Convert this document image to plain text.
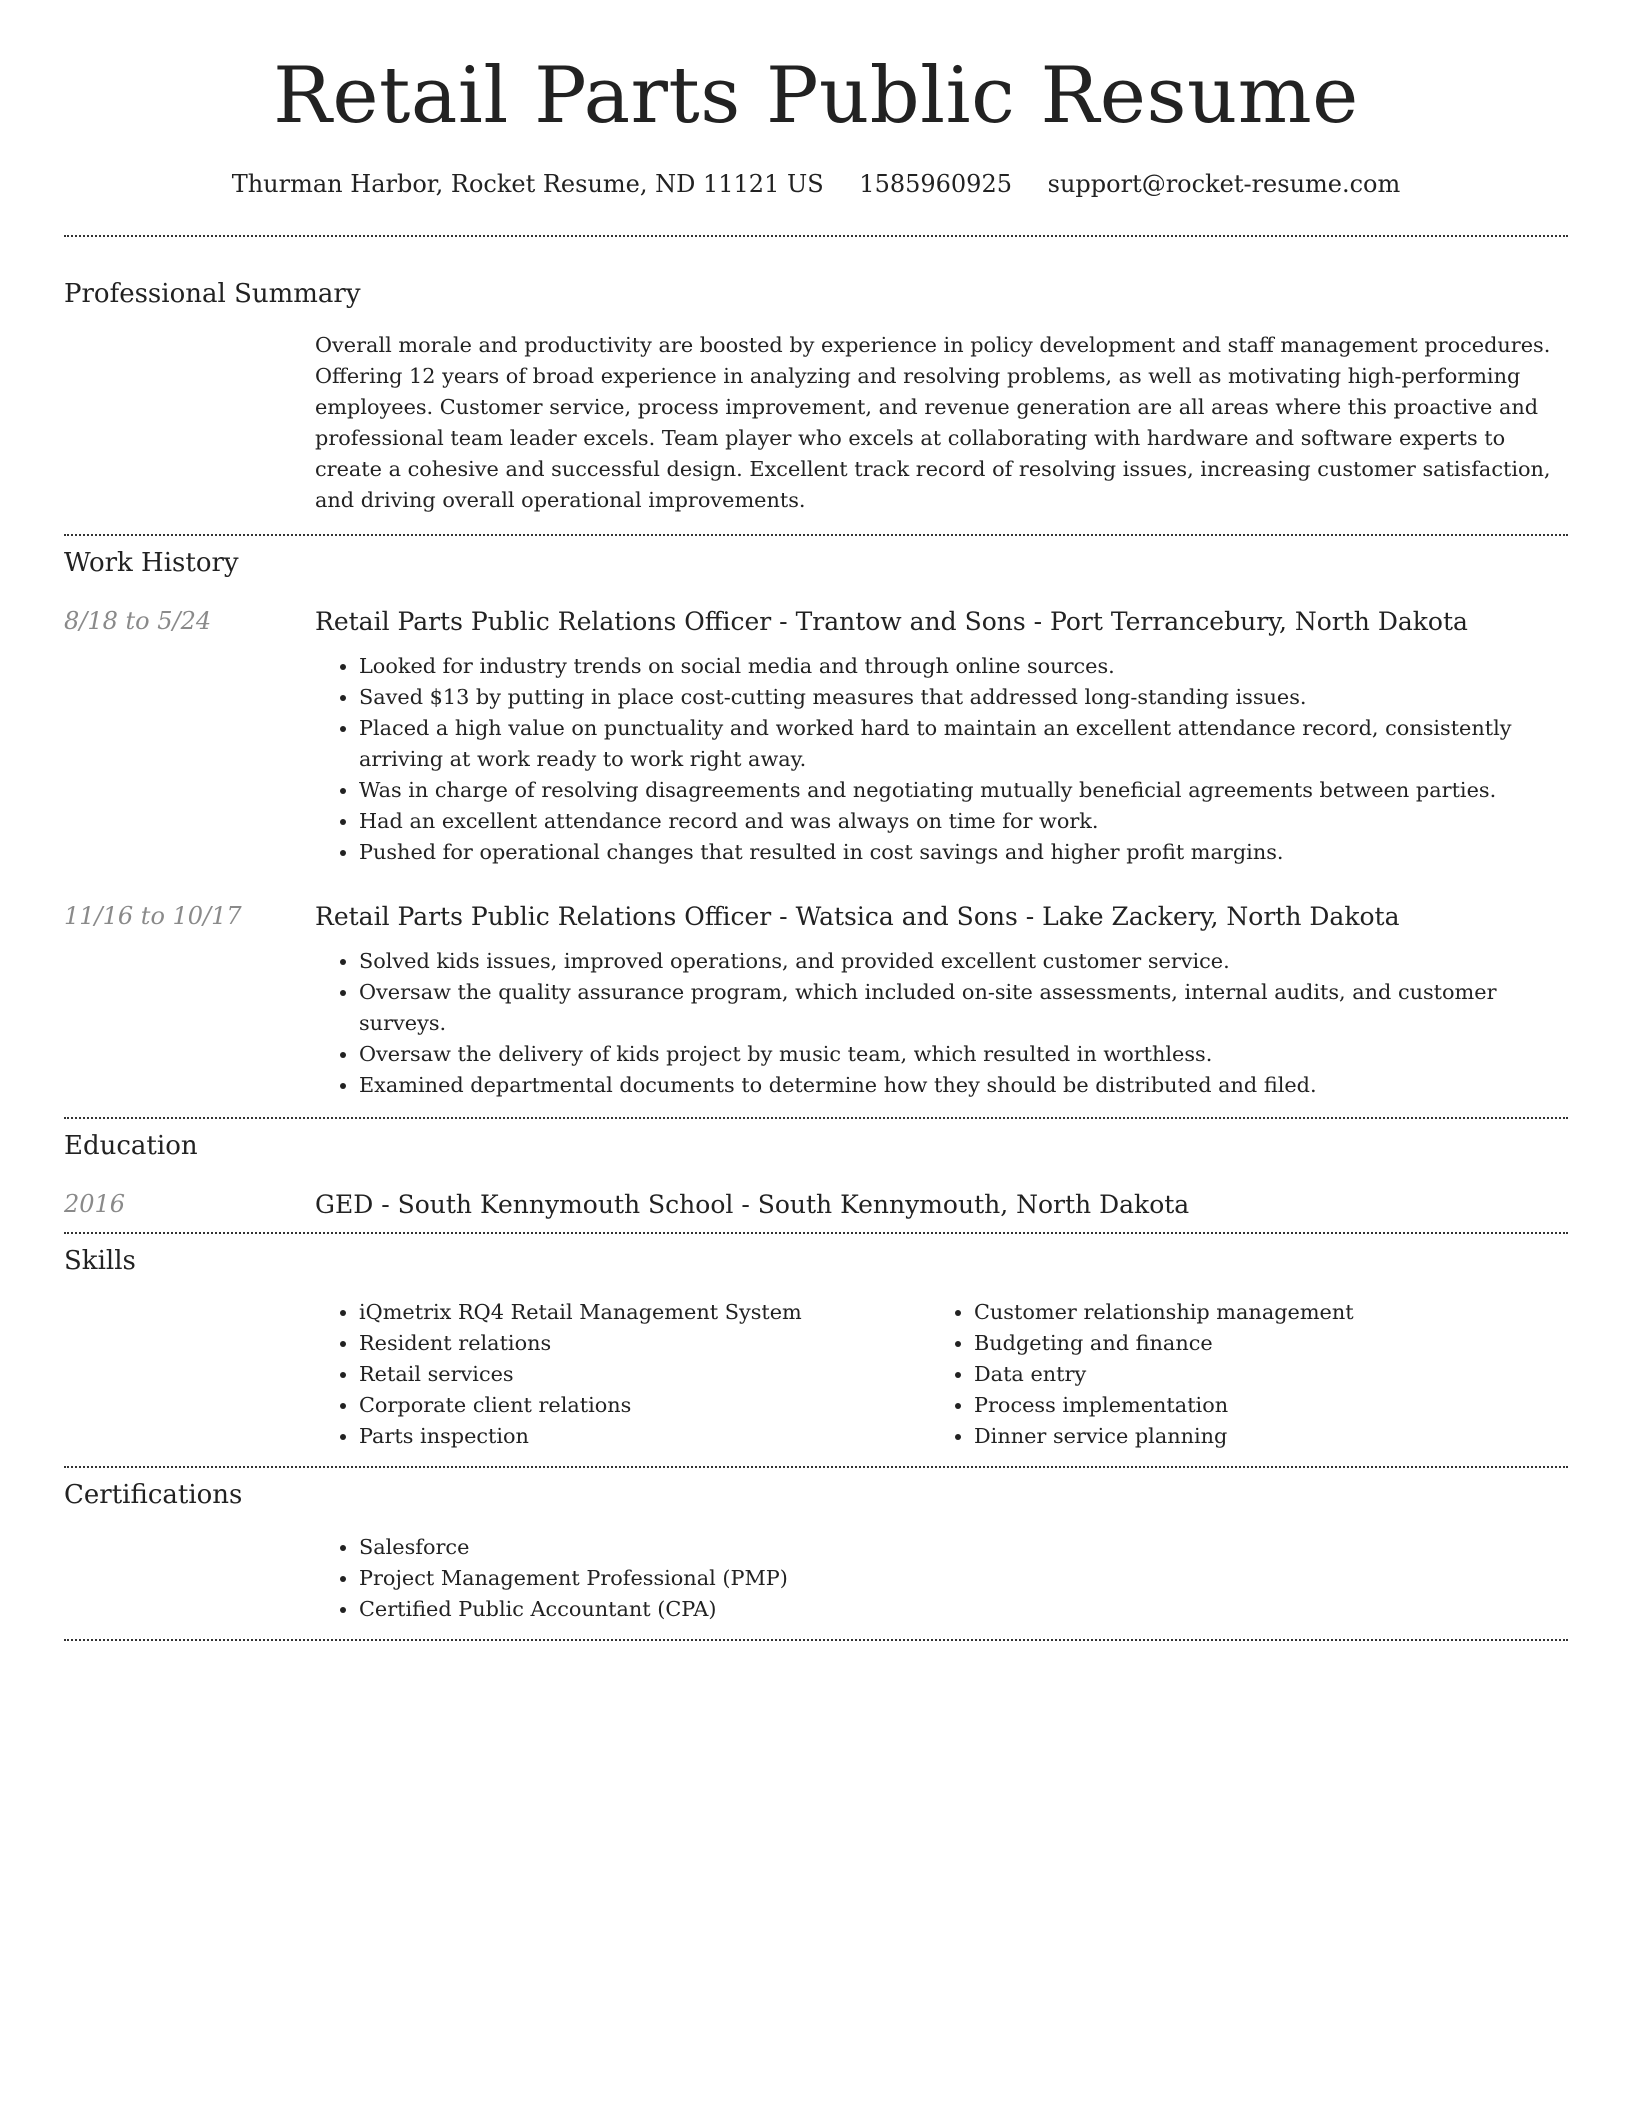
Retail Parts Public Resume
Thurman Harbor, Rocket Resume, ND 11121 US 1585960925 support@rocket-resume.com
Professional Summary
Overall morale and productivity are boosted by experience in policy development and staff management procedures. Offering 12 years of broad experience in analyzing and resolving problems, as well as motivating high-performing employees. Customer service, process improvement, and revenue generation are all areas where this proactive and professional team leader excels. Team player who excels at collaborating with hardware and software experts to create a cohesive and successful design. Excellent track record of resolving issues, increasing customer satisfaction, and driving overall operational improvements.
Work History
8/18 to 5/24	Retail Parts Public Relations Officer - Trantow and Sons - Port Terrancebury, North Dakota
• Looked for industry trends on social media and through online sources.
• Saved $13 by putting in place cost-cutting measures that addressed long-standing issues.
• Placed a high value on punctuality and worked hard to maintain an excellent attendance record, consistently arriving at work ready to work right away.
• Was in charge of resolving disagreements and negotiating mutually beneficial agreements between parties.
• Had an excellent attendance record and was always on time for work.
• Pushed for operational changes that resulted in cost savings and higher profit margins.
11/16 to 10/17	Retail Parts Public Relations Officer - Watsica and Sons - Lake Zackery, North Dakota
• Solved kids issues, improved operations, and provided excellent customer service.
• Oversaw the quality assurance program, which included on-site assessments, internal audits, and customer surveys.
• Oversaw the delivery of kids project by music team, which resulted in worthless.
• Examined departmental documents to determine how they should be distributed and filed.
Education
2016	GED - South Kennymouth School - South Kennymouth, North Dakota
Skills
• iQmetrix RQ4 Retail Management System
• Resident relations
• Retail services
• Corporate client relations
• Parts inspection
• Customer relationship management
• Budgeting and finance
• Data entry
• Process implementation
• Dinner service planning
Certifications
• Salesforce
• Project Management Professional (PMP)
• Certified Public Accountant (CPA)
